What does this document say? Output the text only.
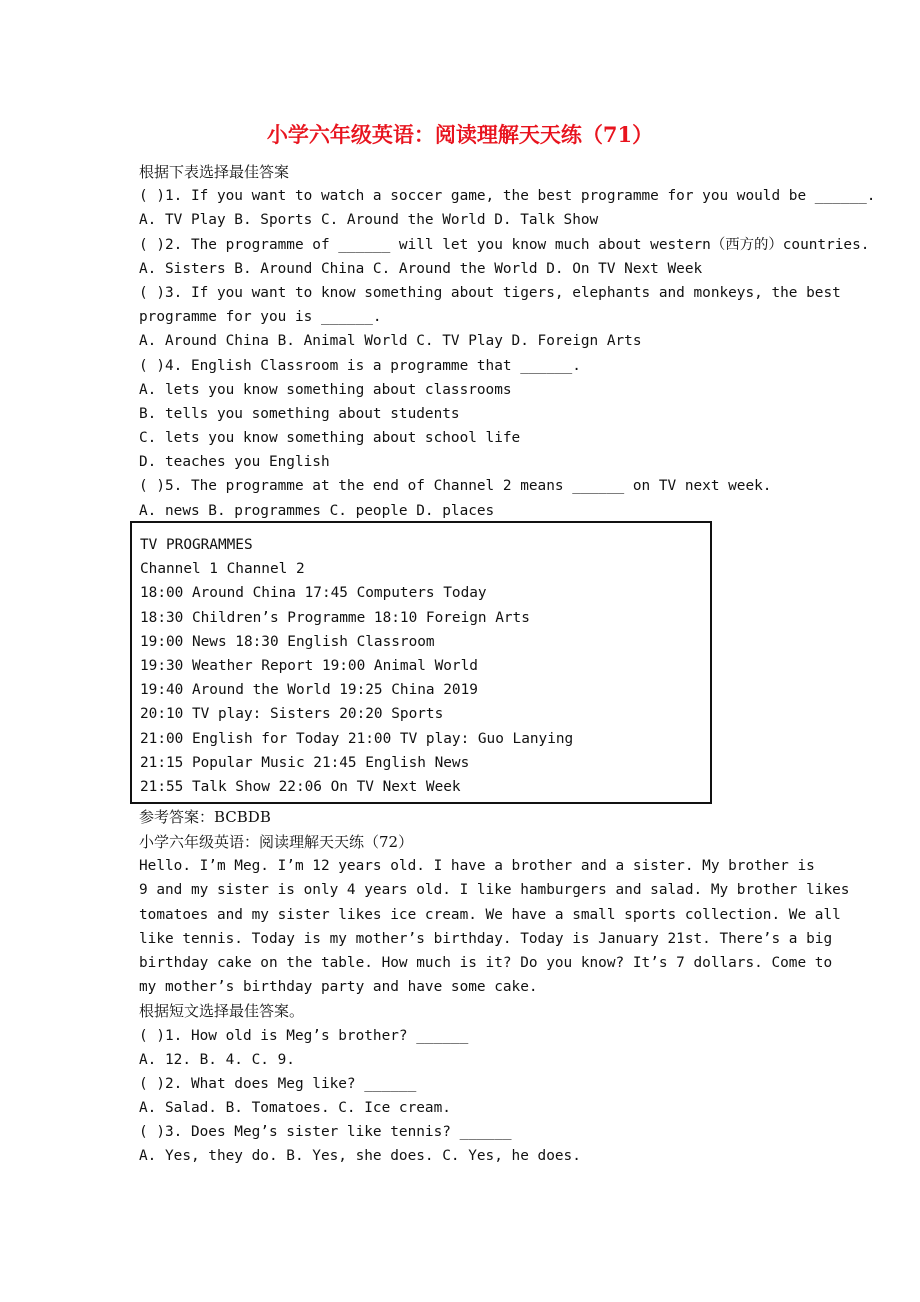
小学六年级英语：阅读理解天天练（71）
根据下表选择最佳答案
( )1. If you want to watch a soccer game, the best programme for you would be ______.
A. TV Play B. Sports C. Around the World D. Talk Show
( )2. The programme of ______ will let you know much about western（西方的）countries.
A. Sisters B. Around China C. Around the World D. On TV Next Week
( )3. If you want to know something about tigers, elephants and monkeys, the best
programme for you is ______.
A. Around China B. Animal World C. TV Play D. Foreign Arts
( )4. English Classroom is a programme that ______.
A. lets you know something about classrooms
B. tells you something about students
C. lets you know something about school life
D. teaches you English
( )5. The programme at the end of Channel 2 means ______ on TV next week.
A. news B. programmes C. people D. places
TV PROGRAMMES
Channel 1 Channel 2
18:00 Around China 17:45 Computers Today
18:30 Children’s Programme 18:10 Foreign Arts
19:00 News 18:30 English Classroom
19:30 Weather Report 19:00 Animal World
19:40 Around the World 19:25 China 2019
20:10 TV play: Sisters 20:20 Sports
21:00 English for Today 21:00 TV play: Guo Lanying
21:15 Popular Music 21:45 English News
21:55 Talk Show 22:06 On TV Next Week
参考答案：BCBDB
小学六年级英语：阅读理解天天练（72）
Hello. I’m Meg. I’m 12 years old. I have a brother and a sister. My brother is
9 and my sister is only 4 years old. I like hamburgers and salad. My brother likes
tomatoes and my sister likes ice cream. We have a small sports collection. We all
like tennis. Today is my mother’s birthday. Today is January 21st. There’s a big
birthday cake on the table. How much is it? Do you know? It’s 7 dollars. Come to
my mother’s birthday party and have some cake.
根据短文选择最佳答案。
( )1. How old is Meg’s brother? ______
A. 12. B. 4. C. 9.
( )2. What does Meg like? ______
A. Salad. B. Tomatoes. C. Ice cream.
( )3. Does Meg’s sister like tennis? ______
A. Yes, they do. B. Yes, she does. C. Yes, he does.
